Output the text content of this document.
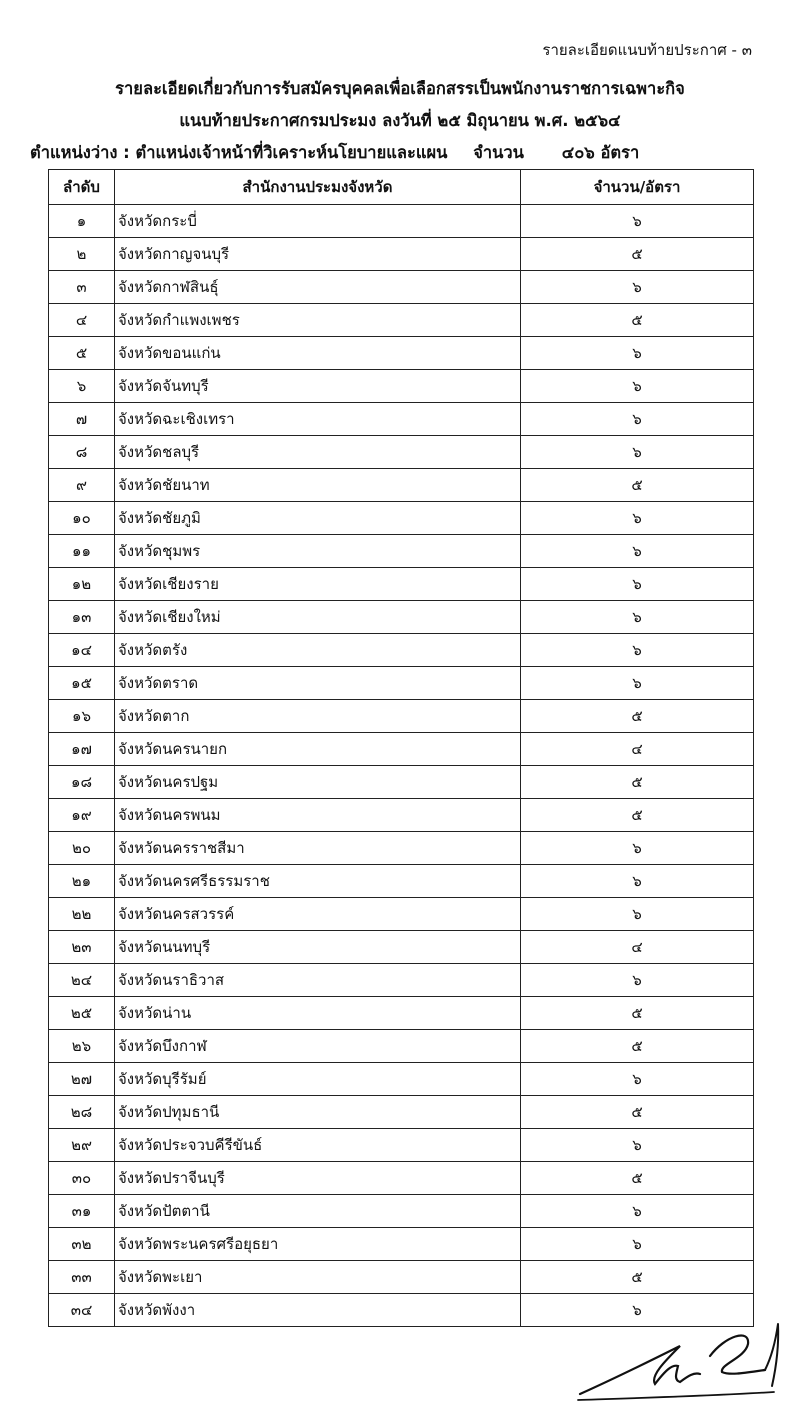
รายละเอียดแนบท้ายประกาศ - ๓
รายละเอียดเกี่ยวกับการรับสมัครบุคคลเพื่อเลือกสรรเป็นพนักงานราชการเฉพาะกิจ
แนบท้ายประกาศกรมประมง ลงวันที่ ๒๕ มิถุนายน พ.ศ. ๒๕๖๔
ตำแหน่งว่าง : ตำแหน่งเจ้าหน้าที่วิเคราะห์นโยบายและแผน จำนวน ๔๐๖ อัตรา
ลำดับ	สำนักงานประมงจังหวัด	จำนวน/อัตรา
๑	จังหวัดกระบี่	๖
๒	จังหวัดกาญจนบุรี	๕
๓	จังหวัดกาฬสินธุ์	๖
๔	จังหวัดกำแพงเพชร	๕
๕	จังหวัดขอนแก่น	๖
๖	จังหวัดจันทบุรี	๖
๗	จังหวัดฉะเชิงเทรา	๖
๘	จังหวัดชลบุรี	๖
๙	จังหวัดชัยนาท	๕
๑๐	จังหวัดชัยภูมิ	๖
๑๑	จังหวัดชุมพร	๖
๑๒	จังหวัดเชียงราย	๖
๑๓	จังหวัดเชียงใหม่	๖
๑๔	จังหวัดตรัง	๖
๑๕	จังหวัดตราด	๖
๑๖	จังหวัดตาก	๕
๑๗	จังหวัดนครนายก	๔
๑๘	จังหวัดนครปฐม	๕
๑๙	จังหวัดนครพนม	๕
๒๐	จังหวัดนครราชสีมา	๖
๒๑	จังหวัดนครศรีธรรมราช	๖
๒๒	จังหวัดนครสวรรค์	๖
๒๓	จังหวัดนนทบุรี	๔
๒๔	จังหวัดนราธิวาส	๖
๒๕	จังหวัดน่าน	๕
๒๖	จังหวัดบึงกาฬ	๕
๒๗	จังหวัดบุรีรัมย์	๖
๒๘	จังหวัดปทุมธานี	๕
๒๙	จังหวัดประจวบคีรีขันธ์	๖
๓๐	จังหวัดปราจีนบุรี	๕
๓๑	จังหวัดปัตตานี	๖
๓๒	จังหวัดพระนครศรีอยุธยา	๖
๓๓	จังหวัดพะเยา	๕
๓๔	จังหวัดพังงา	๖
